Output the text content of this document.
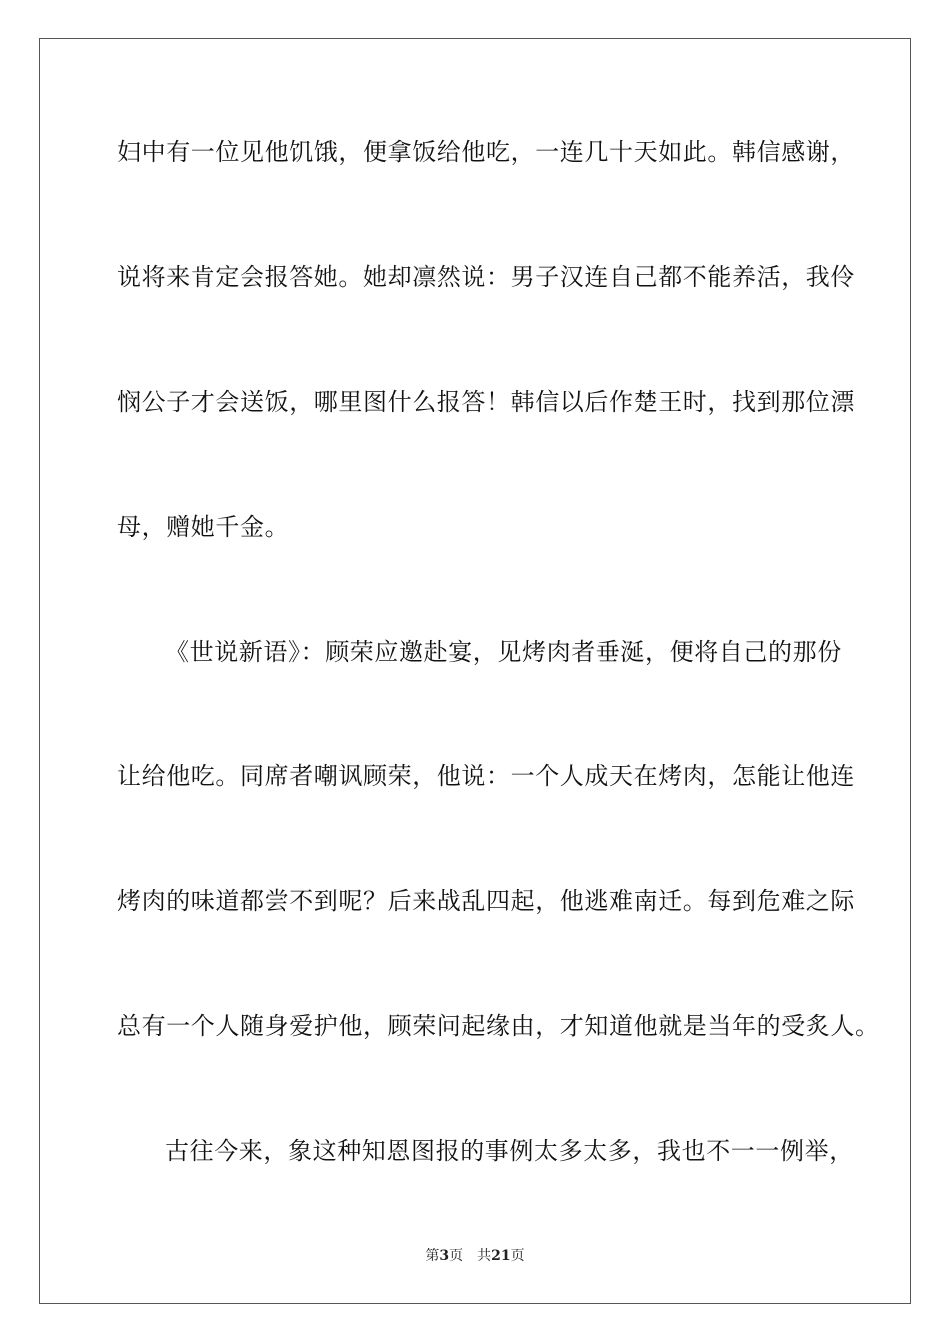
妇中有一位见他饥饿，便拿饭给他吃，一连几十天如此。韩信感谢，
说将来肯定会报答她。她却凛然说：男子汉连自己都不能养活，我伶
悯公子才会送饭，哪里图什么报答！韩信以后作楚王时，找到那位漂
母，赠她千金。
《世说新语》：顾荣应邀赴宴，见烤肉者垂涎，便将自己的那份
让给他吃。同席者嘲讽顾荣，他说：一个人成天在烤肉，怎能让他连
烤肉的味道都尝不到呢？后来战乱四起，他逃难南迁。每到危难之际
总有一个人随身爱护他，顾荣问起缘由，才知道他就是当年的受炙人。
古往今来，象这种知恩图报的事例太多太多，我也不一一例举，
第3页 共21页
